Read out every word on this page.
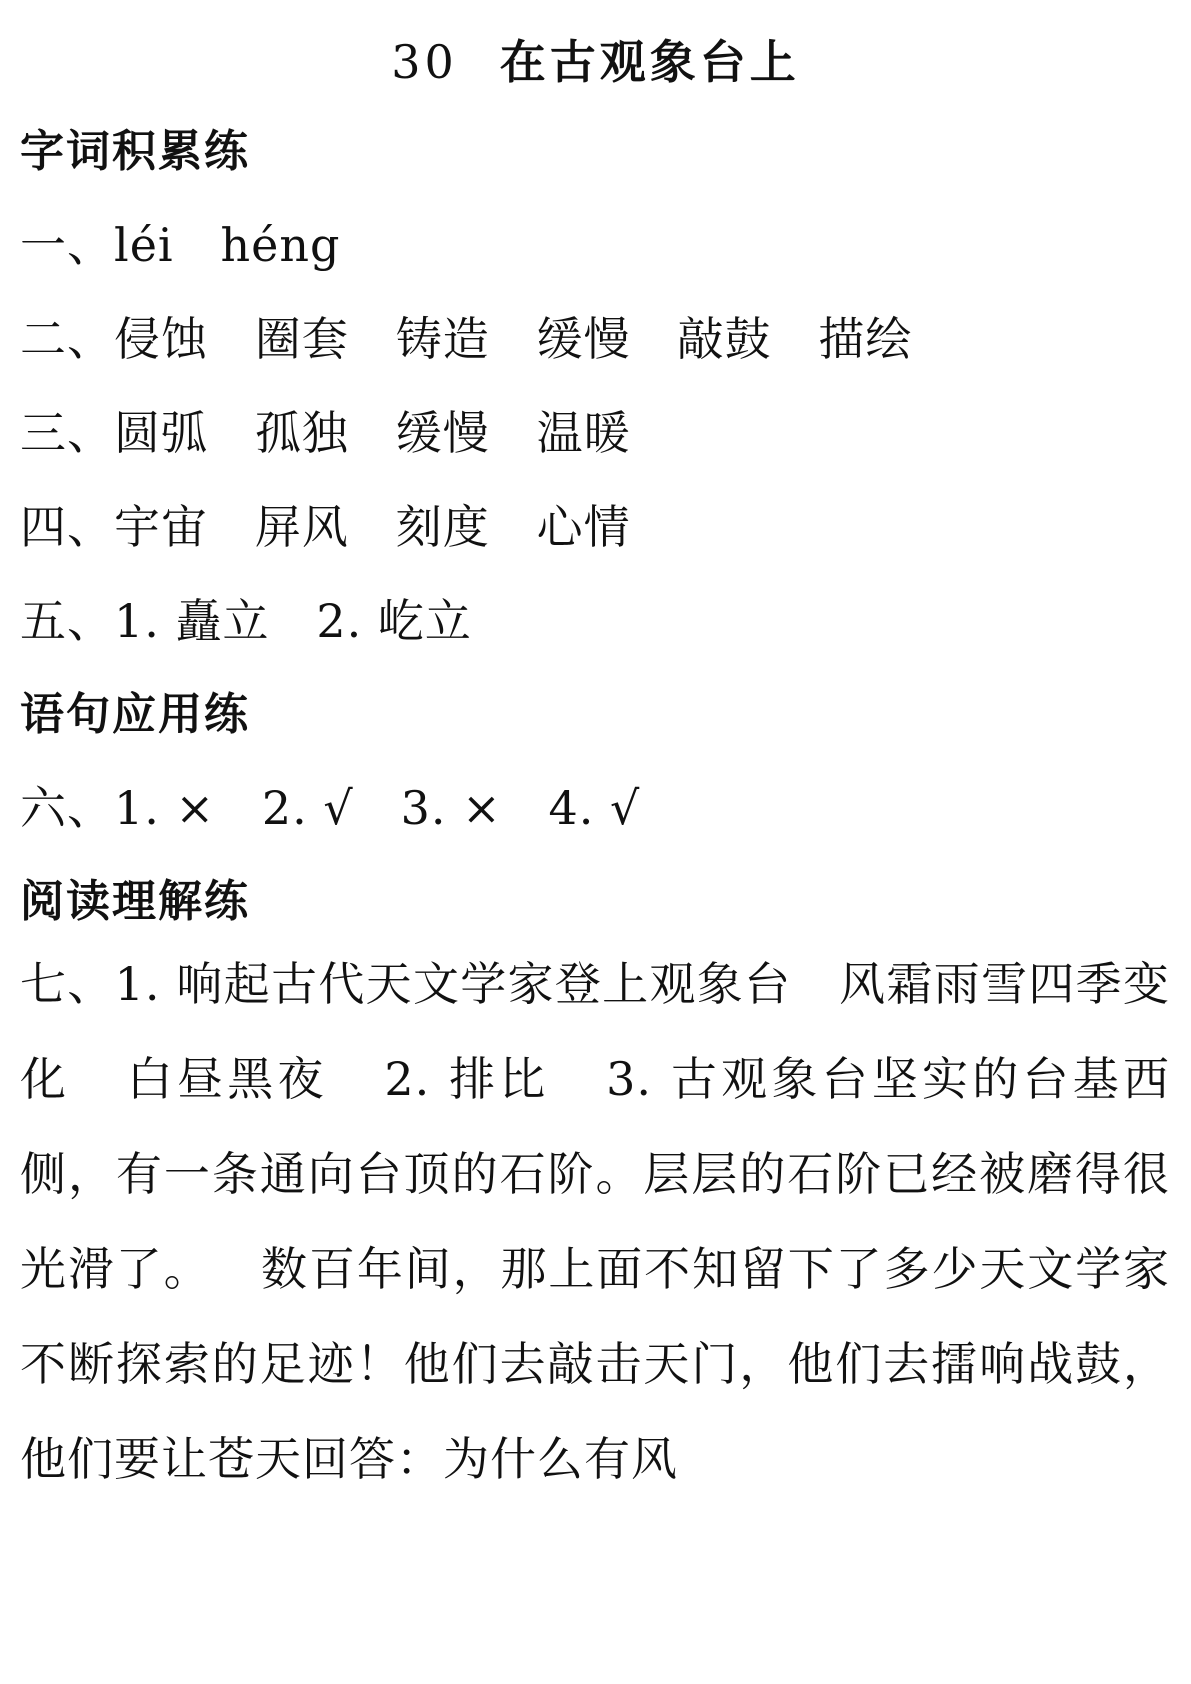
30 在古观象台上
字词积累练
一、léi   héng
二、侵蚀   圈套   铸造   缓慢   敲鼓   描绘
三、圆弧   孤独   缓慢   温暖
四、宇宙   屏风   刻度   心情
五、1. 矗立   2. 屹立
语句应用练
六、1. ×   2. √   3. ×   4. √
阅读理解练
七、1. 响起古代天文学家登上观象台   风霜雨雪四季变化   白昼黑夜   2. 排比   3. 古观象台坚实的台基西侧，有一条通向台顶的石阶。层层的石阶已经被磨得很光滑了。   数百年间，那上面不知留下了多少天文学家不断探索的足迹！他们去敲击天门，他们去擂响战鼓，他们要让苍天回答：为什么有风
